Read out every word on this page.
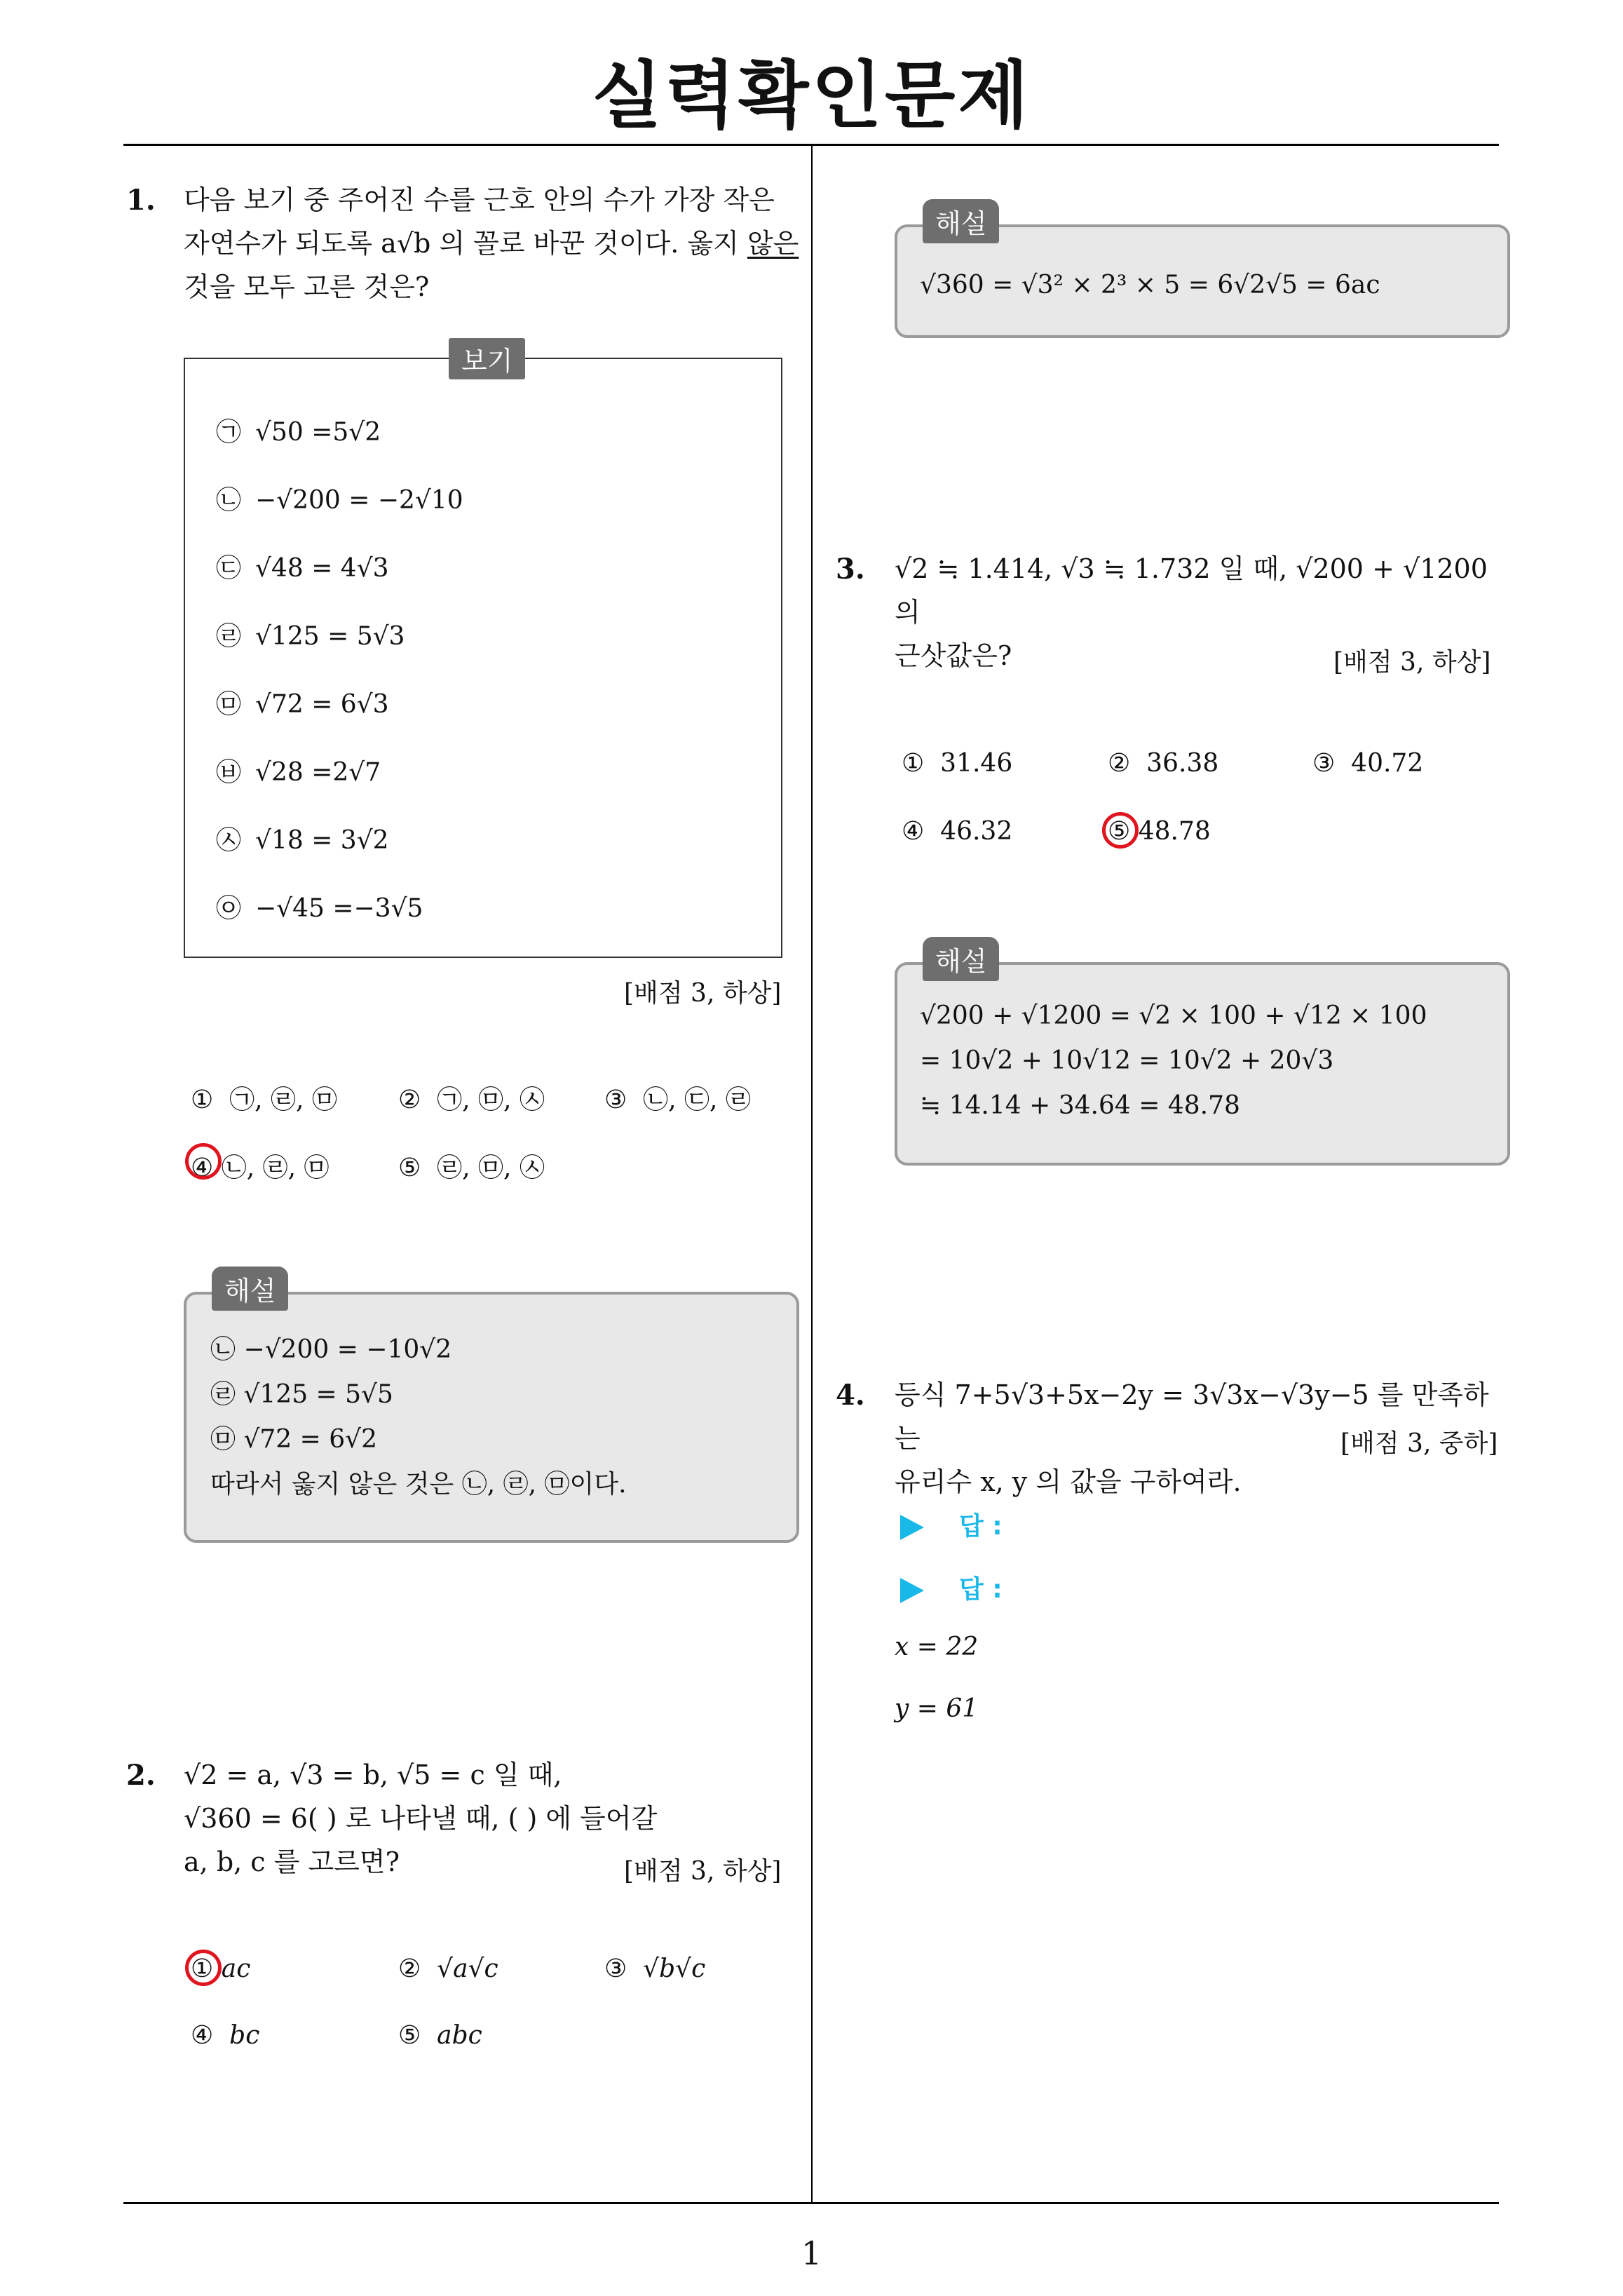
실력확인문제
1. 다음 보기 중 주어진 수를 근호 안의 수가 가장 작은
자연수가 되도록 a√b 의 꼴로 바꾼 것이다. 옳지 않은
것을 모두 고른 것은?
보기
㉠ √50 =5√2
㉡ −√200 = −2√10
㉢ √48 = 4√3
㉣ √125 = 5√3
㉤ √72 = 6√3
㉥ √28 =2√7
㉦ √18 = 3√2
㉧ −√45 =−3√5
[배점 3, 하상]
① ㉠, ㉣, ㉤ ② ㉠, ㉤, ㉦ ③ ㉡, ㉢, ㉣
④ ㉡, ㉣, ㉤	⑤ ㉣, ㉤, ㉦
해설
㉡ −√200 = −10√2
㉣ √125 = 5√5
㉤ √72 = 6√2
따라서 옳지 않은 것은 ㉡, ㉣, ㉤이다.
2. √2 = a, √3 = b, √5 = c 일 때,
√360 = 6( ) 로 나타낼 때, ( ) 에 들어갈
a, b, c 를 고르면?	[배점 3, 하상]
① ac	② √a√c	③ √b√c
④ bc	⑤ abc
해설
√360 = √3² × 2³ × 5 = 6√2√5 = 6ac
3. √2 ≒ 1.414, √3 ≒ 1.732 일 때, √200 + √1200 의
근삿값은?	[배점 3, 하상]
① 31.46	② 36.38	③ 40.72
④ 46.32	⑤ 48.78
해설
√200 + √1200 = √2 × 100 + √12 × 100
= 10√2 + 10√12 = 10√2 + 20√3
≒ 14.14 + 34.64 = 48.78
4. 등식 7+5√3+5x−2y = 3√3x−√3y−5 를 만족하는
유리수 x, y 의 값을 구하여라.
[배점 3, 중하]
답 :
답 :
x = 22
y = 61
1
